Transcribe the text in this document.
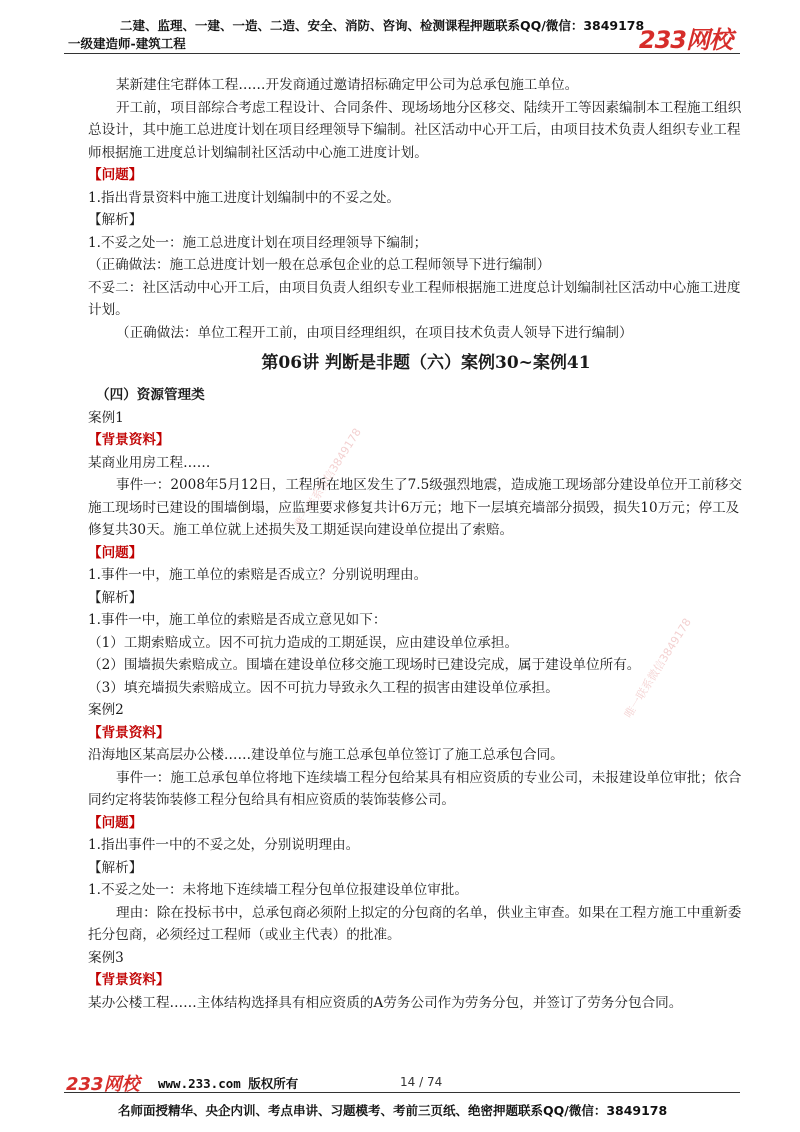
二建、监理、一建、一造、二造、安全、消防、咨询、检测课程押题联系QQ/微信：3849178
一级建造师-建筑工程	233网校
唯一联系微信3849178
唯一联系微信3849178

某新建住宅群体工程……开发商通过邀请招标确定甲公司为总承包施工单位。

开工前，项目部综合考虑工程设计、合同条件、现场场地分区移交、陆续开工等因素编制本工程施工组织总设计，其中施工总进度计划在项目经理领导下编制。社区活动中心开工后，由项目技术负责人组织专业工程师根据施工进度总计划编制社区活动中心施工进度计划。

【问题】

1.指出背景资料中施工进度计划编制中的不妥之处。

【解析】

1.不妥之处一：施工总进度计划在项目经理领导下编制；

（正确做法：施工总进度计划一般在总承包企业的总工程师领导下进行编制）

不妥二：社区活动中心开工后，由项目负责人组织专业工程师根据施工进度总计划编制社区活动中心施工进度计划。

（正确做法：单位工程开工前，由项目经理组织，在项目技术负责人领导下进行编制）

第06讲 判断是非题（六）案例30~案例41

（四）资源管理类

案例1

【背景资料】

某商业用房工程……

事件一：2008年5月12日，工程所在地区发生了7.5级强烈地震，造成施工现场部分建设单位开工前移交施工现场时已建设的围墙倒塌，应监理要求修复共计6万元；地下一层填充墙部分损毁，损失10万元；停工及修复共30天。施工单位就上述损失及工期延误向建设单位提出了索赔。

【问题】

1.事件一中，施工单位的索赔是否成立？分别说明理由。

【解析】

1.事件一中，施工单位的索赔是否成立意见如下：

（1）工期索赔成立。因不可抗力造成的工期延误，应由建设单位承担。

（2）围墙损失索赔成立。围墙在建设单位移交施工现场时已建设完成，属于建设单位所有。

（3）填充墙损失索赔成立。因不可抗力导致永久工程的损害由建设单位承担。

案例2

【背景资料】

沿海地区某高层办公楼……建设单位与施工总承包单位签订了施工总承包合同。

事件一：施工总承包单位将地下连续墙工程分包给某具有相应资质的专业公司，未报建设单位审批；依合同约定将装饰装修工程分包给具有相应资质的装饰装修公司。

【问题】

1.指出事件一中的不妥之处，分别说明理由。

【解析】

1.不妥之处一：未将地下连续墙工程分包单位报建设单位审批。

理由：除在投标书中，总承包商必须附上拟定的分包商的名单，供业主审查。如果在工程方施工中重新委托分包商，必须经过工程师（或业主代表）的批准。

案例3

【背景资料】

某办公楼工程……主体结构选择具有相应资质的A劳务公司作为劳务分包，并签订了劳务分包合同。

233网校 www.233.com 版权所有	14 / 74
名师面授精华、央企内训、考点串讲、习题模考、考前三页纸、绝密押题联系QQ/微信：3849178
